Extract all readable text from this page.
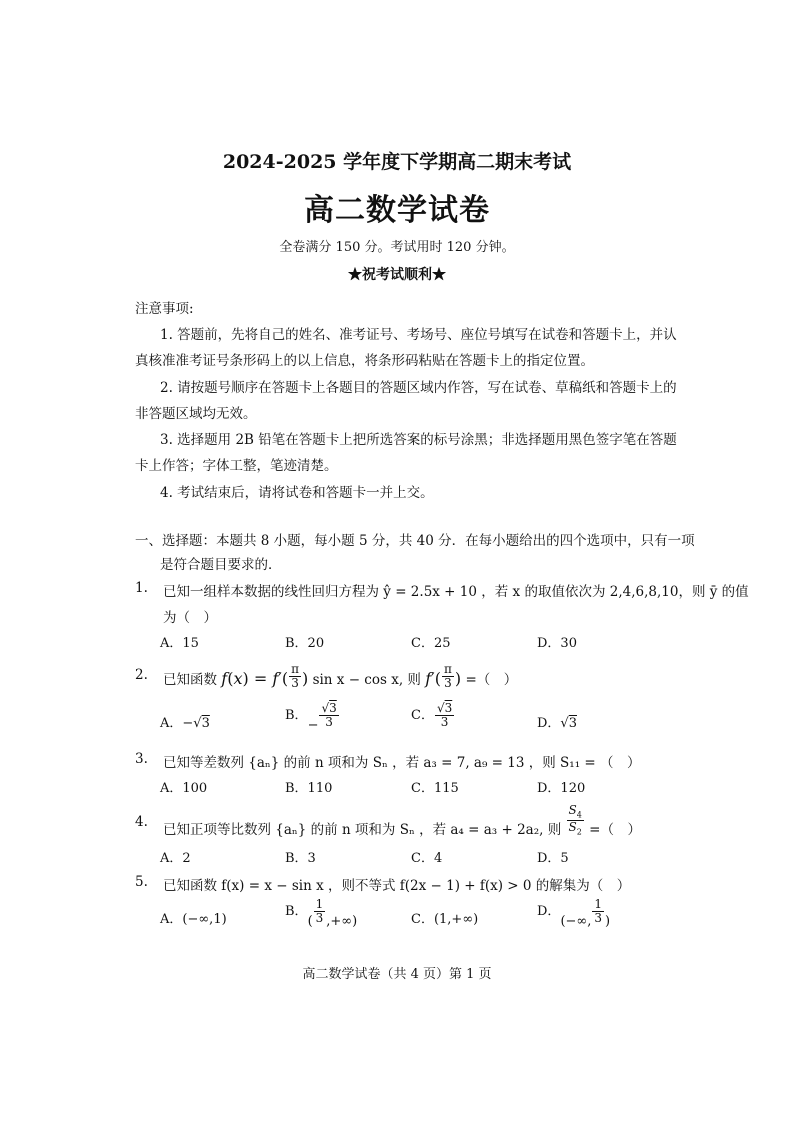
2024-2025 学年度下学期高二期末考试
高二数学试卷
全卷满分 150 分。考试用时 120 分钟。
★祝考试顺利★
注意事项:
1. 答题前，先将自己的姓名、准考证号、考场号、座位号填写在试卷和答题卡上，并认
真核准准考证号条形码上的以上信息，将条形码粘贴在答题卡上的指定位置。
2. 请按题号顺序在答题卡上各题目的答题区域内作答，写在试卷、草稿纸和答题卡上的
非答题区域均无效。
3. 选择题用 2B 铅笔在答题卡上把所选答案的标号涂黑；非选择题用黑色签字笔在答题
卡上作答；字体工整，笔迹清楚。
4. 考试结束后，请将试卷和答题卡一并上交。
一、选择题：本题共 8 小题，每小题 5 分，共 40 分．在每小题给出的四个选项中，只有一项
是符合题目要求的．
1. 已知一组样本数据的线性回归方程为 ŷ = 2.5x + 10 ，若 x 的取值依次为 2,4,6,8,10，则 ȳ 的值
为（　）
A．15	B．20	C．25	D．30
2. 已知函数 $f(x) = f'( \frac{\pi}{3}$ ) sin x − cos x, 则 $f'( \frac{\pi}{3}$ ) =（　）
A．−√3
B．− $\frac{√3}{3}$	C． $\frac{√3}{3}$	D．√3
3. 已知等差数列 {aₙ} 的前 n 项和为 Sₙ ，若 a₃ = 7, a₉ = 13 ，则 S₁₁ = （　）
A．100	B．110	C．115	D．120
4.
已知正项等比数列 {aₙ} 的前 n 项和为 Sₙ ，若 a₄ = a₃ + 2a₂, 则 $\frac{S_4}{S_2}$ =（　）
A．2	B．3	C．4	D．5
5. 已知函数 f(x) = x − sin x ，则不等式 f(2x − 1) + f(x) > 0 的解集为（　）
A．(−∞,1)
B．( $\frac{1}{3}$ ,+∞)	C．(1,+∞)
D．(−∞, $\frac{1}{3}$ )
高二数学试卷（共 4 页）第 1 页
